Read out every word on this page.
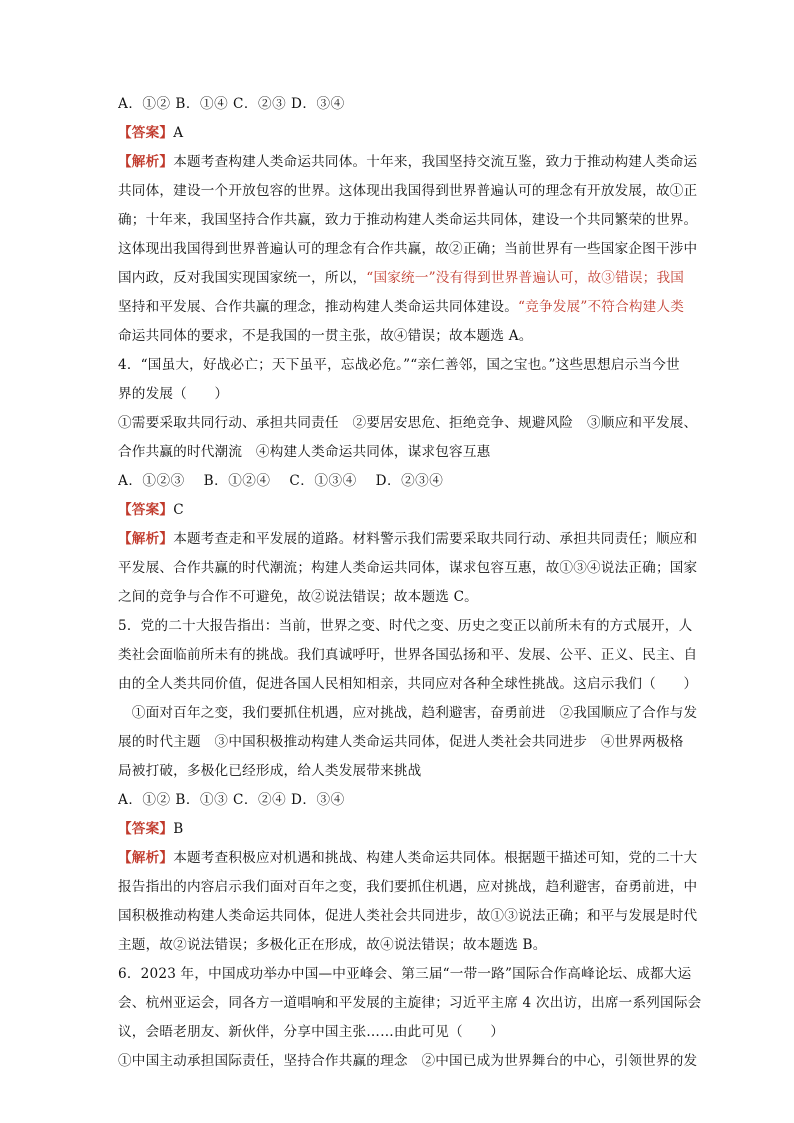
A．①② B．①④ C．②③ D．③④
【答案】A
【解析】本题考查构建人类命运共同体。十年来，我国坚持交流互鉴，致力于推动构建人类命运
共同体，建设一个开放包容的世界。这体现出我国得到世界普遍认可的理念有开放发展，故①正
确；十年来，我国坚持合作共赢，致力于推动构建人类命运共同体，建设一个共同繁荣的世界。
这体现出我国得到世界普遍认可的理念有合作共赢，故②正确；当前世界有一些国家企图干涉中
国内政，反对我国实现国家统一，所以，“国家统一”没有得到世界普遍认可，故③错误；我国
坚持和平发展、合作共赢的理念，推动构建人类命运共同体建设。“竞争发展”不符合构建人类
命运共同体的要求，不是我国的一贯主张，故④错误；故本题选 A。
4．“国虽大，好战必亡；天下虽平，忘战必危。”“亲仁善邻，国之宝也。”这些思想启示当今世
界的发展（　　）
①需要采取共同行动、承担共同责任　②要居安思危、拒绝竞争、规避风险　③顺应和平发展、
合作共赢的时代潮流　④构建人类命运共同体，谋求包容互惠
A．①②③　 B．①②④　 C．①③④　 D．②③④
【答案】C
【解析】本题考查走和平发展的道路。材料警示我们需要采取共同行动、承担共同责任；顺应和
平发展、合作共赢的时代潮流；构建人类命运共同体，谋求包容互惠，故①③④说法正确；国家
之间的竞争与合作不可避免，故②说法错误；故本题选 C。
5．党的二十大报告指出：当前，世界之变、时代之变、历史之变正以前所未有的方式展开，人
类社会面临前所未有的挑战。我们真诚呼吁，世界各国弘扬和平、发展、公平、正义、民主、自
由的全人类共同价值，促进各国人民相知相亲，共同应对各种全球性挑战。这启示我们（　　）
　①面对百年之变，我们要抓住机遇，应对挑战，趋利避害，奋勇前进　②我国顺应了合作与发
展的时代主题　③中国积极推动构建人类命运共同体，促进人类社会共同进步　④世界两极格
局被打破，多极化已经形成，给人类发展带来挑战
A．①② B．①③ C．②④ D．③④
【答案】B
【解析】本题考查积极应对机遇和挑战、构建人类命运共同体。根据题干描述可知，党的二十大
报告指出的内容启示我们面对百年之变，我们要抓住机遇，应对挑战，趋利避害，奋勇前进，中
国积极推动构建人类命运共同体，促进人类社会共同进步，故①③说法正确；和平与发展是时代
主题，故②说法错误；多极化正在形成，故④说法错误；故本题选 B。
6．2023 年，中国成功举办中国—中亚峰会、第三届“一带一路”国际合作高峰论坛、成都大运
会、杭州亚运会，同各方一道唱响和平发展的主旋律；习近平主席 4 次出访，出席一系列国际会
议，会晤老朋友、新伙伴，分享中国主张……由此可见（　　）
①中国主动承担国际责任，坚持合作共赢的理念　②中国已成为世界舞台的中心，引领世界的发
